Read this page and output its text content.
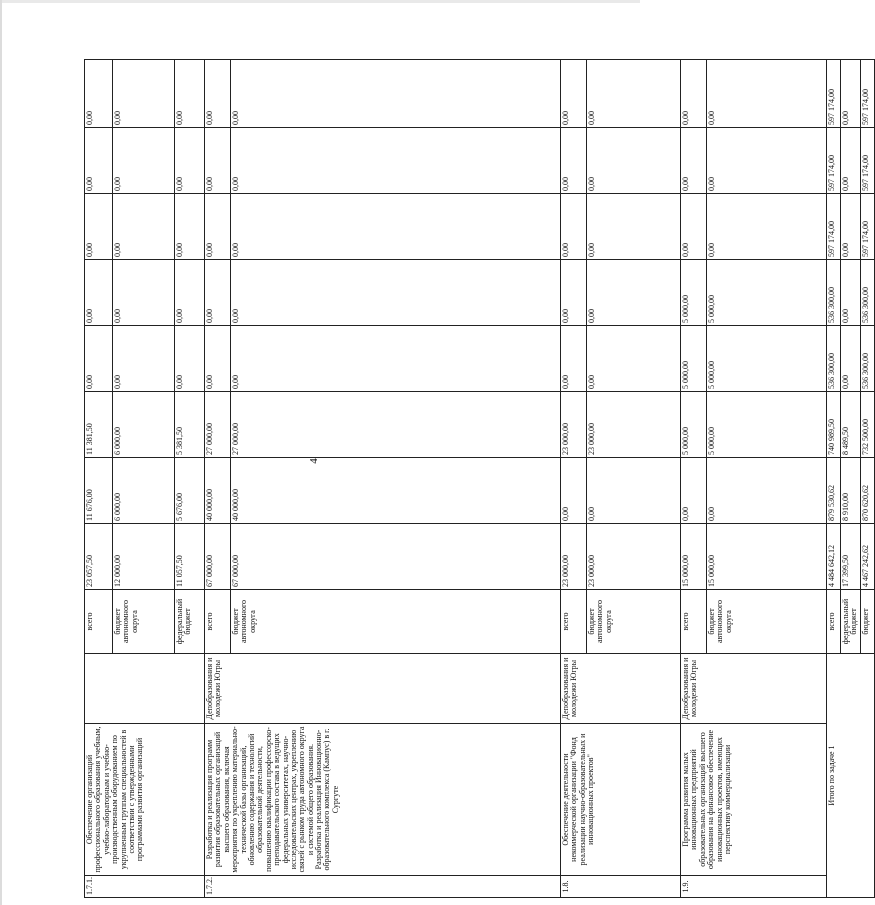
4
1.7.1.	Обеспечение организаций профессионального образования учебным, учебно-лабораторным и учебно-производственным оборудованием по укрупненным группам специальностей в соответствии с утвержденными программами развития организаций		всего	23 057,50	11 676,00	11 381,50	0,00	0,00	0,00	0,00	0,00
			бюджет автономного округа	12 000,00	6 000,00	6 000,00	0,00	0,00	0,00	0,00	0,00
			федеральный бюджет	11 057,50	5 676,00	5 381,50	0,00	0,00	0,00	0,00	0,00
1.7.2.	Разработка и реализация программ развития образовательных организаций высшего образования, включая мероприятия по укреплению материально-технической базы организаций, обновлению содержания и технологий образовательной деятельности, повышению квалификации профессорско-преподавательского состава в ведущих федеральных университетах, научно-исследовательских центрах, укреплению связей с рынком труда автономного округа и системой общего образования. Разработка и реализация Инновационно-образовательного комплекса (Кампус) в г. Сургуте	Депобразования и молодежи Югры	всего	67 000,00	40 000,00	27 000,00	0,00	0,00	0,00	0,00	0,00
			бюджет автономного округа	67 000,00	40 000,00	27 000,00	0,00	0,00	0,00	0,00	0,00
1.8.	Обеспечение деятельности некоммерческой организации "Фонд реализации научно-образовательных и инновационных проектов"	Депобразования и молодежи Югры	всего	23 000,00	0,00	23 000,00	0,00	0,00	0,00	0,00	0,00
			бюджет автономного округа	23 000,00	0,00	23 000,00	0,00	0,00	0,00	0,00	0,00
1.9.	Программа развития малых инновационных предприятий образовательных организаций высшего образования на финансовое обеспечение инновационных проектов, имеющих перспективу коммерциализации	Депобразования и молодежи Югры	всего	15 000,00	0,00	5 000,00	5 000,00	5 000,00	0,00	0,00	0,00
			бюджет автономного округа	15 000,00	0,00	5 000,00	5 000,00	5 000,00	0,00	0,00	0,00
Итого по задаче 1			всего	4 484 642,12	879 530,62	740 989,50	536 300,00	536 300,00	597 174,00	597 174,00	597 174,00
			федеральный бюджет	17 399,50	8 910,00	8 489,50	0,00	0,00	0,00	0,00	0,00
			бюджет	4 467 242,62	870 620,62	732 500,00	536 300,00	536 300,00	597 174,00	597 174,00	597 174,00
